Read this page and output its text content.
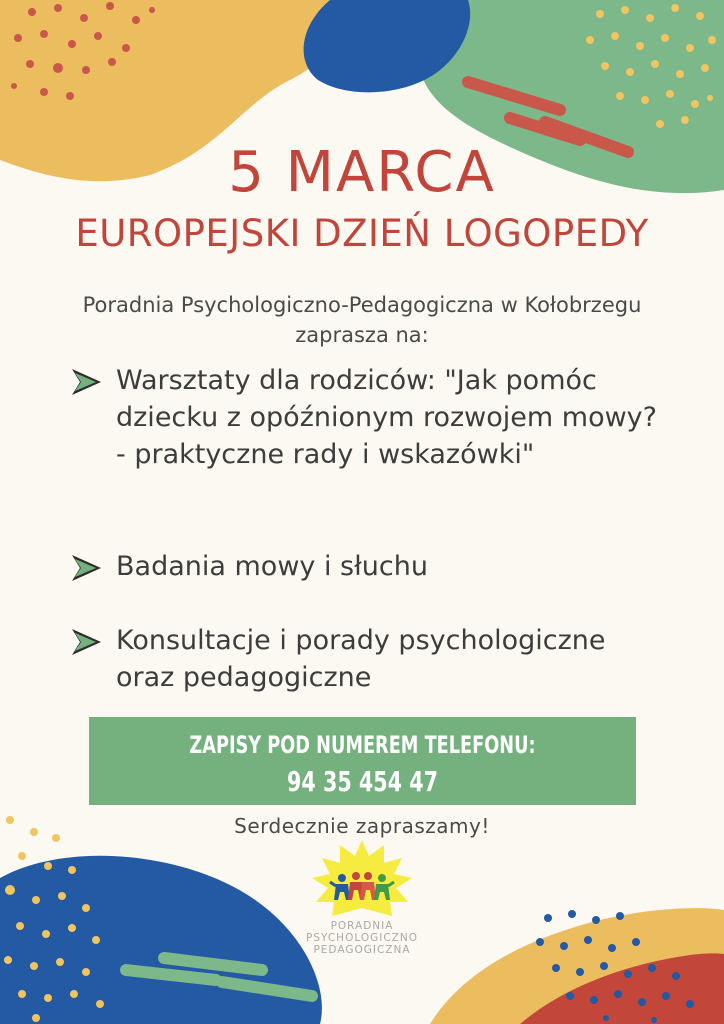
5 MARCA
EUROPEJSKI DZIEŃ LOGOPEDY
Poradnia Psychologiczno-Pedagogiczna w Kołobrzegu zaprasza na:
Warsztaty dla rodziców: "Jak pomóc dziecku z opóźnionym rozwojem mowy? - praktyczne rady i wskazówki"
Badania mowy i słuchu
Konsultacje i porady psychologiczne oraz pedagogiczne
ZAPISY POD NUMEREM TELEFONU:
94 35 454 47
Serdecznie zapraszamy!
PORADNIA
PSYCHOLOGICZNO
PEDAGOGICZNA
